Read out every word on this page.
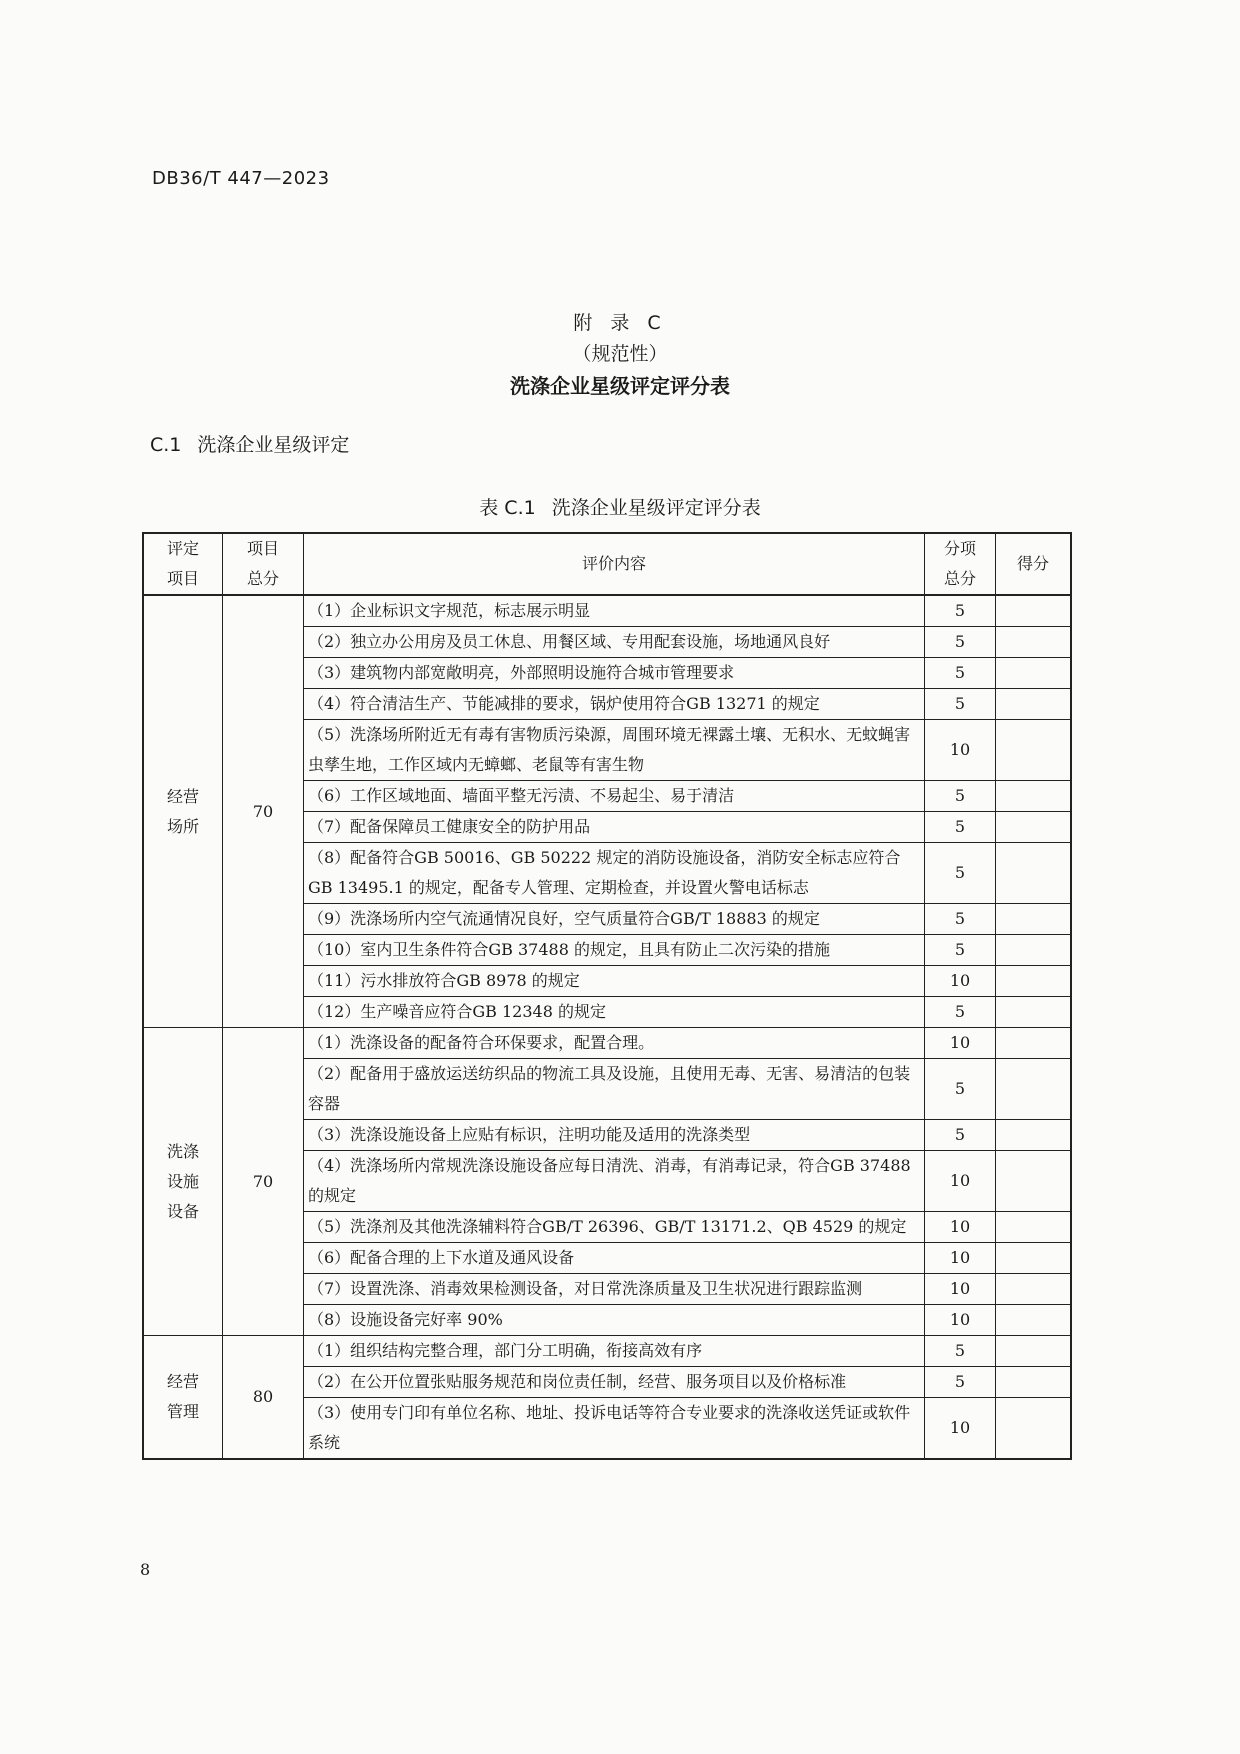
DB36/T 447—2023
附 录 C
（规范性）
洗涤企业星级评定评分表
C.1 洗涤企业星级评定
表 C.1 洗涤企业星级评定评分表
评定项目	项目总分	评价内容	分项总分	得分
经营场所	70	（1）企业标识文字规范，标志展示明显	5	
		（2）独立办公用房及员工休息、用餐区域、专用配套设施，场地通风良好	5	
		（3）建筑物内部宽敞明亮，外部照明设施符合城市管理要求	5	
		（4）符合清洁生产、节能减排的要求，锅炉使用符合GB 13271 的规定	5	
		（5）洗涤场所附近无有毒有害物质污染源，周围环境无裸露土壤、无积水、无蚊蝇害虫孳生地，工作区域内无蟑螂、老鼠等有害生物	10	
		（6）工作区域地面、墙面平整无污渍、不易起尘、易于清洁	5	
		（7）配备保障员工健康安全的防护用品	5	
		（8）配备符合GB 50016、GB 50222 规定的消防设施设备，消防安全标志应符合GB 13495.1 的规定，配备专人管理、定期检查，并设置火警电话标志	5	
		（9）洗涤场所内空气流通情况良好，空气质量符合GB/T 18883 的规定	5	
		（10）室内卫生条件符合GB 37488 的规定，且具有防止二次污染的措施	5	
		（11）污水排放符合GB 8978 的规定	10	
		（12）生产噪音应符合GB 12348 的规定	5	
洗涤设施设备	70	（1）洗涤设备的配备符合环保要求，配置合理。	10	
		（2）配备用于盛放运送纺织品的物流工具及设施，且使用无毒、无害、易清洁的包装容器	5	
		（3）洗涤设施设备上应贴有标识，注明功能及适用的洗涤类型	5	
		（4）洗涤场所内常规洗涤设施设备应每日清洗、消毒，有消毒记录，符合GB 37488 的规定	10	
		（5）洗涤剂及其他洗涤辅料符合GB/T 26396、GB/T 13171.2、QB 4529 的规定	10	
		（6）配备合理的上下水道及通风设备	10	
		（7）设置洗涤、消毒效果检测设备，对日常洗涤质量及卫生状况进行跟踪监测	10	
		（8）设施设备完好率 90%	10	
经营管理	80	（1）组织结构完整合理，部门分工明确，衔接高效有序	5	
		（2）在公开位置张贴服务规范和岗位责任制，经营、服务项目以及价格标准	5	
		（3）使用专门印有单位名称、地址、投诉电话等符合专业要求的洗涤收送凭证或软件系统	10	
8
